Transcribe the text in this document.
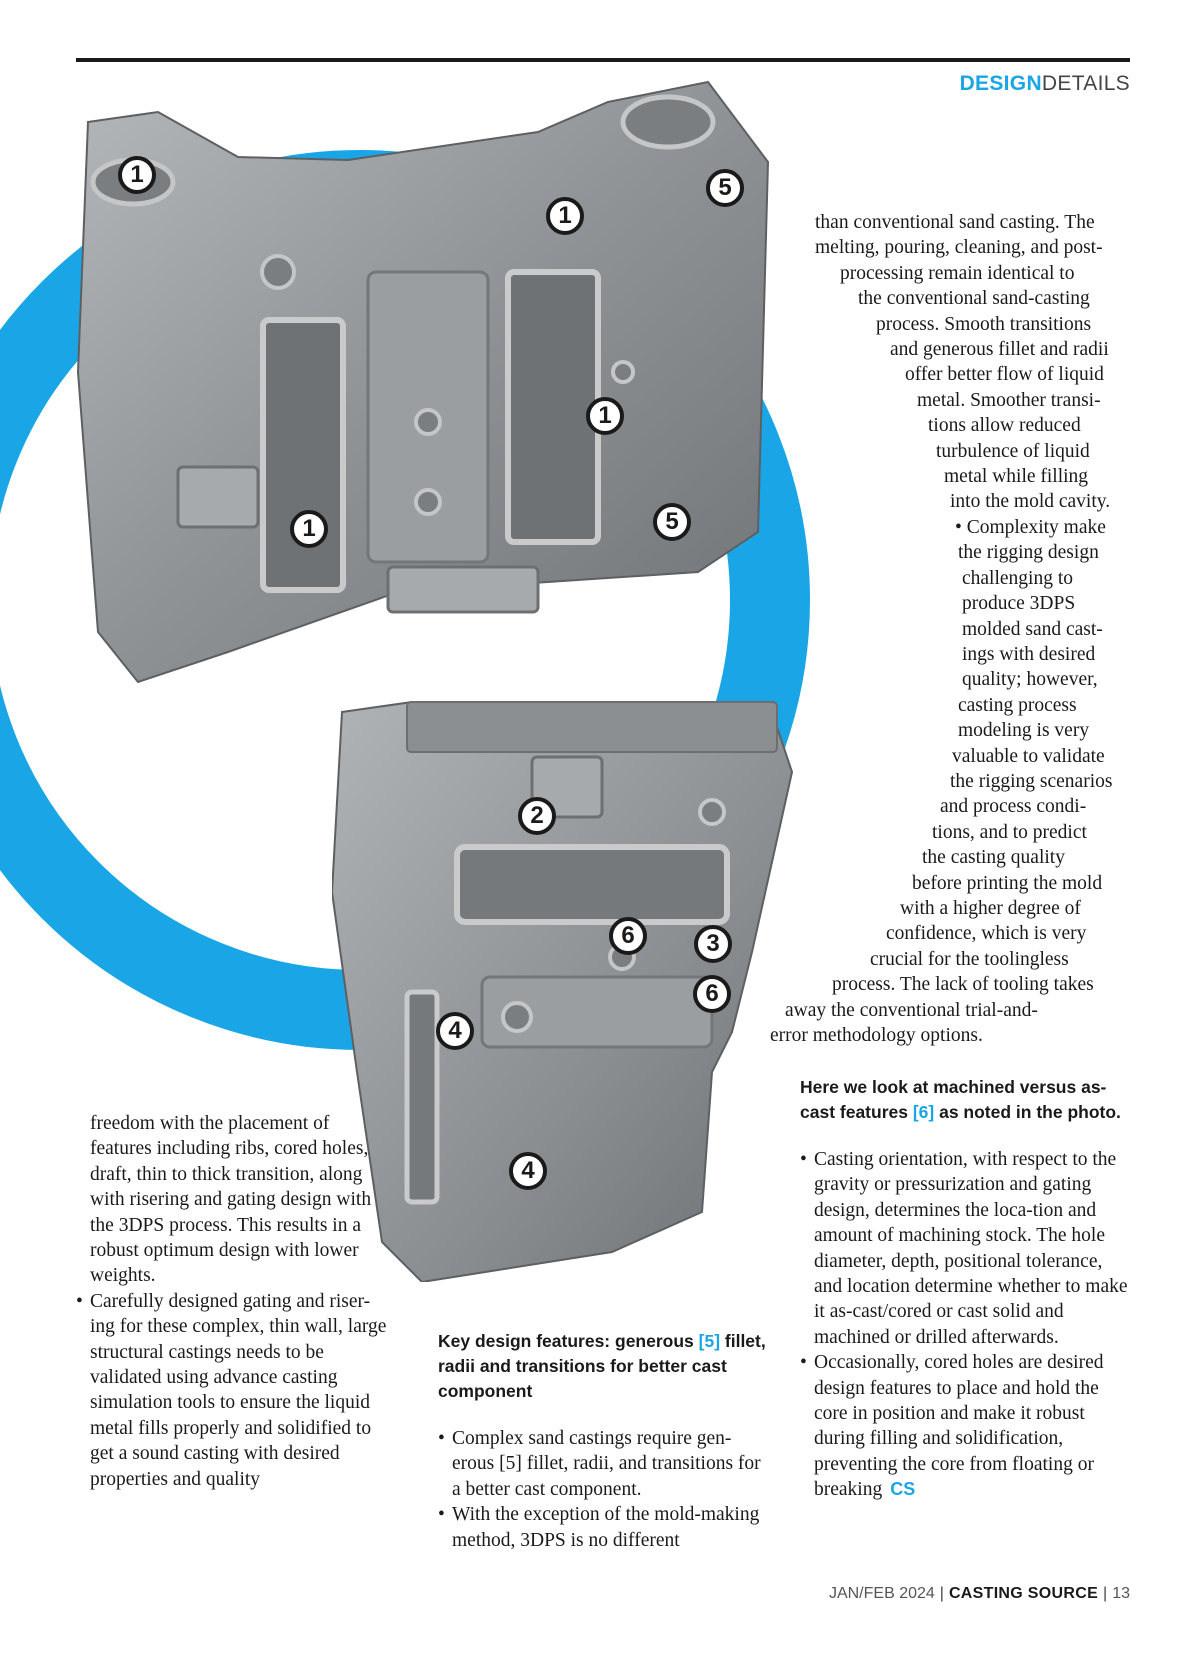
DESIGNDETAILS
1	5
1
1
1	5
2
6	3
6
4
4
than conventional sand casting. The
melting, pouring, cleaning, and post-
processing remain identical to
the conventional sand-casting
process. Smooth transitions
and generous fillet and radii
offer better flow of liquid
metal. Smoother transi-
tions allow reduced
turbulence of liquid
metal while filling
into the mold cavity.
• Complexity make
the rigging design
challenging to
produce 3DPS
molded sand cast-
ings with desired
quality; however,
casting process
modeling is very
valuable to validate
the rigging scenarios
and process condi-
tions, and to predict
the casting quality
before printing the mold
with a higher degree of
confidence, which is very
crucial for the toolingless
process. The lack of tooling takes
away the conventional trial-and-
error methodology options.

freedom with the placement of features including ribs, cored holes, draft, thin to thick transition, along with risering and gating design with the 3DPS process. This results in a robust optimum design with lower weights.

• Carefully designed gating and riser-ing for these complex, thin wall, large structural castings needs to be validated using advance casting simulation tools to ensure the liquid metal fills properly and solidified to get a sound casting with desired properties and quality
Key design features: generous [5] fillet, radii and transitions for better cast component
• Complex sand castings require gen-erous [5] fillet, radii, and transitions for a better cast component.
• With the exception of the mold-making method, 3DPS is no different
Here we look at machined versus as-cast features [6] as noted in the photo.
• Casting orientation, with respect to the gravity or pressurization and gating design, determines the loca-tion and amount of machining stock. The hole diameter, depth, positional tolerance, and location determine whether to make it as-cast/cored or cast solid and machined or drilled afterwards.
• Occasionally, cored holes are desired design features to place and hold the core in position and make it robust during filling and solidification, preventing the core from floating or breaking CS
JAN/FEB 2024 | CASTING SOURCE | 13
